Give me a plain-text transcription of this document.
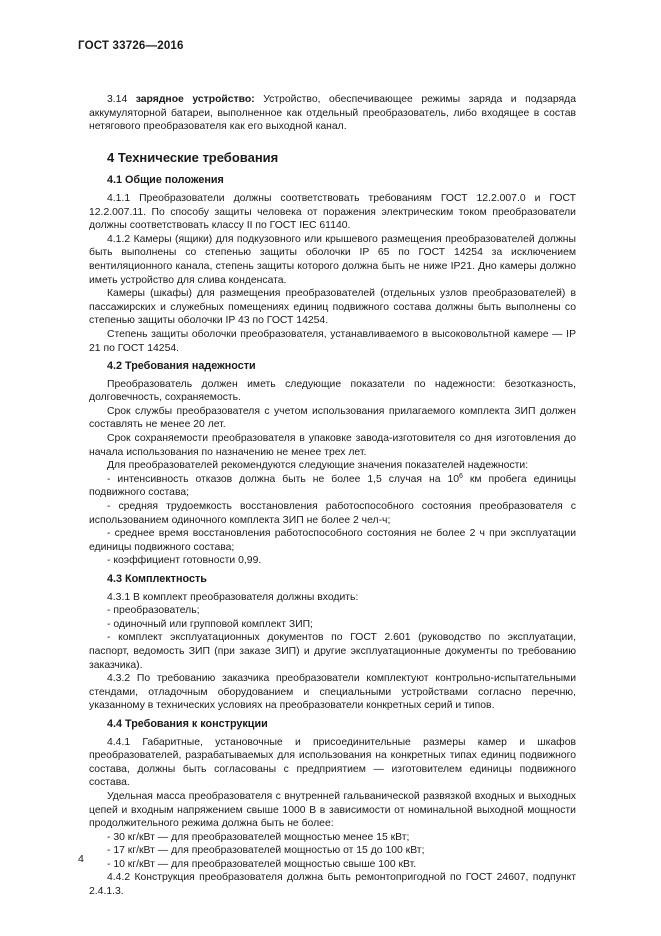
ГОСТ 33726—2016

3.14 зарядное устройство: Устройство, обеспечивающее режимы заряда и подзаряда аккумуляторной батареи, выполненное как отдельный преобразователь, либо входящее в состав нетягового преобразователя как его выходной канал.

4 Технические требования
4.1 Общие положения

4.1.1 Преобразователи должны соответствовать требованиям ГОСТ 12.2.007.0 и ГОСТ 12.2.007.11. По способу защиты человека от поражения электрическим током преобразователи должны соответствовать классу II по ГОСТ IEC 61140.

4.1.2 Камеры (ящики) для подкузовного или крышевого размещения преобразователей должны быть выполнены со степенью защиты оболочки IP 65 по ГОСТ 14254 за исключением вентиляционного канала, степень защиты которого должна быть не ниже IP21. Дно камеры должно иметь устройство для слива конденсата.

Камеры (шкафы) для размещения преобразователей (отдельных узлов преобразователей) в пассажирских и служебных помещениях единиц подвижного состава должны быть выполнены со степенью защиты оболочки IP 43 по ГОСТ 14254.

Степень защиты оболочки преобразователя, устанавливаемого в высоковольтной камере — IP 21 по ГОСТ 14254.

4.2 Требования надежности

Преобразователь должен иметь следующие показатели по надежности: безотказность, долговечность, сохраняемость.

Срок службы преобразователя с учетом использования прилагаемого комплекта ЗИП должен составлять не менее 20 лет.

Срок сохраняемости преобразователя в упаковке завода-изготовителя со дня изготовления до начала использования по назначению не менее трех лет.

Для преобразователей рекомендуются следующие значения показателей надежности:

- интенсивность отказов должна быть не более 1,5 случая на $10^6$ км пробега единицы подвижного состава;

- средняя трудоемкость восстановления работоспособного состояния преобразователя с использованием одиночного комплекта ЗИП не более 2 чел-ч;

- среднее время восстановления работоспособного состояния не более 2 ч при эксплуатации единицы подвижного состава;

- коэффициент готовности 0,99.

4.3 Комплектность

4.3.1 В комплект преобразователя должны входить:

- преобразователь;

- одиночный или групповой комплект ЗИП;

- комплект эксплуатационных документов по ГОСТ 2.601 (руководство по эксплуатации, паспорт, ведомость ЗИП (при заказе ЗИП) и другие эксплуатационные документы по требованию заказчика).

4.3.2 По требованию заказчика преобразователи комплектуют контрольно-испытательными стендами, отладочным оборудованием и специальными устройствами согласно перечню, указанному в технических условиях на преобразователи конкретных серий и типов.

4.4 Требования к конструкции

4.4.1 Габаритные, установочные и присоединительные размеры камер и шкафов преобразователей, разрабатываемых для использования на конкретных типах единиц подвижного состава, должны быть согласованы с предприятием — изготовителем единицы подвижного состава.

Удельная масса преобразователя с внутренней гальванической развязкой входных и выходных цепей и входным напряжением свыше 1000 В в зависимости от номинальной выходной мощности продолжительного режима должна быть не более:

- 30 кг/кВт — для преобразователей мощностью менее 15 кВт;

- 17 кг/кВт — для преобразователей мощностью от 15 до 100 кВт;

- 10 кг/кВт — для преобразователей мощностью свыше 100 кВт.

4.4.2 Конструкция преобразователя должна быть ремонтопригодной по ГОСТ 24607, подпункт 2.4.1.3.

4
